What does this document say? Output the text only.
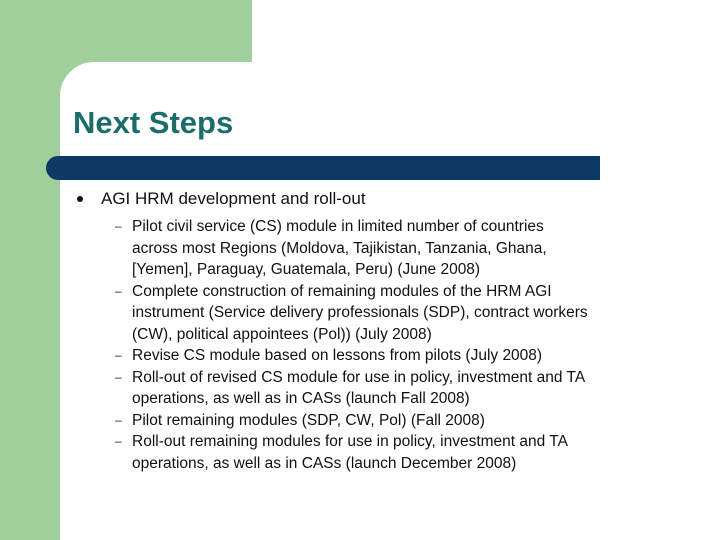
Next Steps
AGI HRM development and roll-out
– Pilot civil service (CS) module in limited number of countries
across most Regions (Moldova, Tajikistan, Tanzania, Ghana,
[Yemen], Paraguay, Guatemala, Peru) (June 2008)
– Complete construction of remaining modules of the HRM AGI
instrument (Service delivery professionals (SDP), contract workers
(CW), political appointees (Pol)) (July 2008)
– Revise CS module based on lessons from pilots (July 2008)
– Roll-out of revised CS module for use in policy, investment and TA
operations, as well as in CASs (launch Fall 2008)
– Pilot remaining modules (SDP, CW, Pol) (Fall 2008)
– Roll-out remaining modules for use in policy, investment and TA
operations, as well as in CASs (launch December 2008)
